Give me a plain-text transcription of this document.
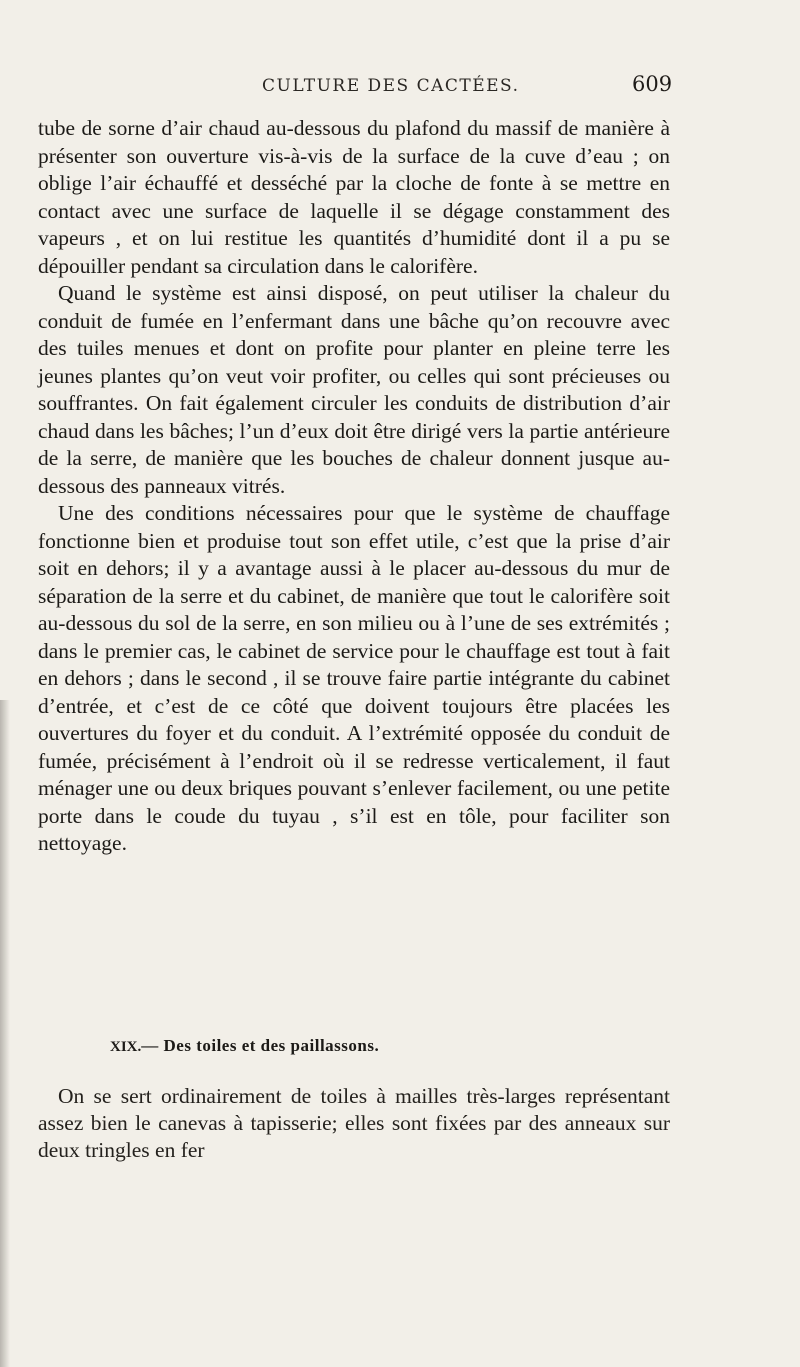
CULTURE DES CACTÉES.	609

tube de sorne d’air chaud au-dessous du plafond du massif de manière à présenter son ouverture vis-à-vis de la surface de la cuve d’eau ; on oblige l’air échauffé et desséché par la cloche de fonte à se mettre en contact avec une surface de laquelle il se dégage constamment des vapeurs , et on lui restitue les quantités d’humidité dont il a pu se dépouiller pendant sa circulation dans le calorifère.

Quand le système est ainsi disposé, on peut utiliser la chaleur du conduit de fumée en l’enfermant dans une bâche qu’on recouvre avec des tuiles menues et dont on profite pour planter en pleine terre les jeunes plantes qu’on veut voir profiter, ou celles qui sont précieuses ou souffrantes. On fait également circuler les conduits de distribution d’air chaud dans les bâches; l’un d’eux doit être dirigé vers la partie antérieure de la serre, de manière que les bouches de chaleur donnent jusque au-dessous des panneaux vitrés.

Une des conditions nécessaires pour que le système de chauffage fonctionne bien et produise tout son effet utile, c’est que la prise d’air soit en dehors; il y a avantage aussi à le placer au-dessous du mur de séparation de la serre et du cabinet, de manière que tout le calorifère soit au-dessous du sol de la serre, en son milieu ou à l’une de ses extrémités ; dans le premier cas, le cabinet de service pour le chauffage est tout à fait en dehors ; dans le second , il se trouve faire partie intégrante du cabinet d’entrée, et c’est de ce côté que doivent toujours être placées les ouvertures du foyer et du conduit. A l’extrémité opposée du conduit de fumée, précisément à l’endroit où il se redresse verticalement, il faut ménager une ou deux briques pouvant s’enlever facilement, ou une petite porte dans le coude du tuyau , s’il est en tôle, pour faciliter son nettoyage.

XIX.— Des toiles et des paillassons.

On se sert ordinairement de toiles à mailles très-larges représentant assez bien le canevas à tapisserie; elles sont fixées par des anneaux sur deux tringles en fer
